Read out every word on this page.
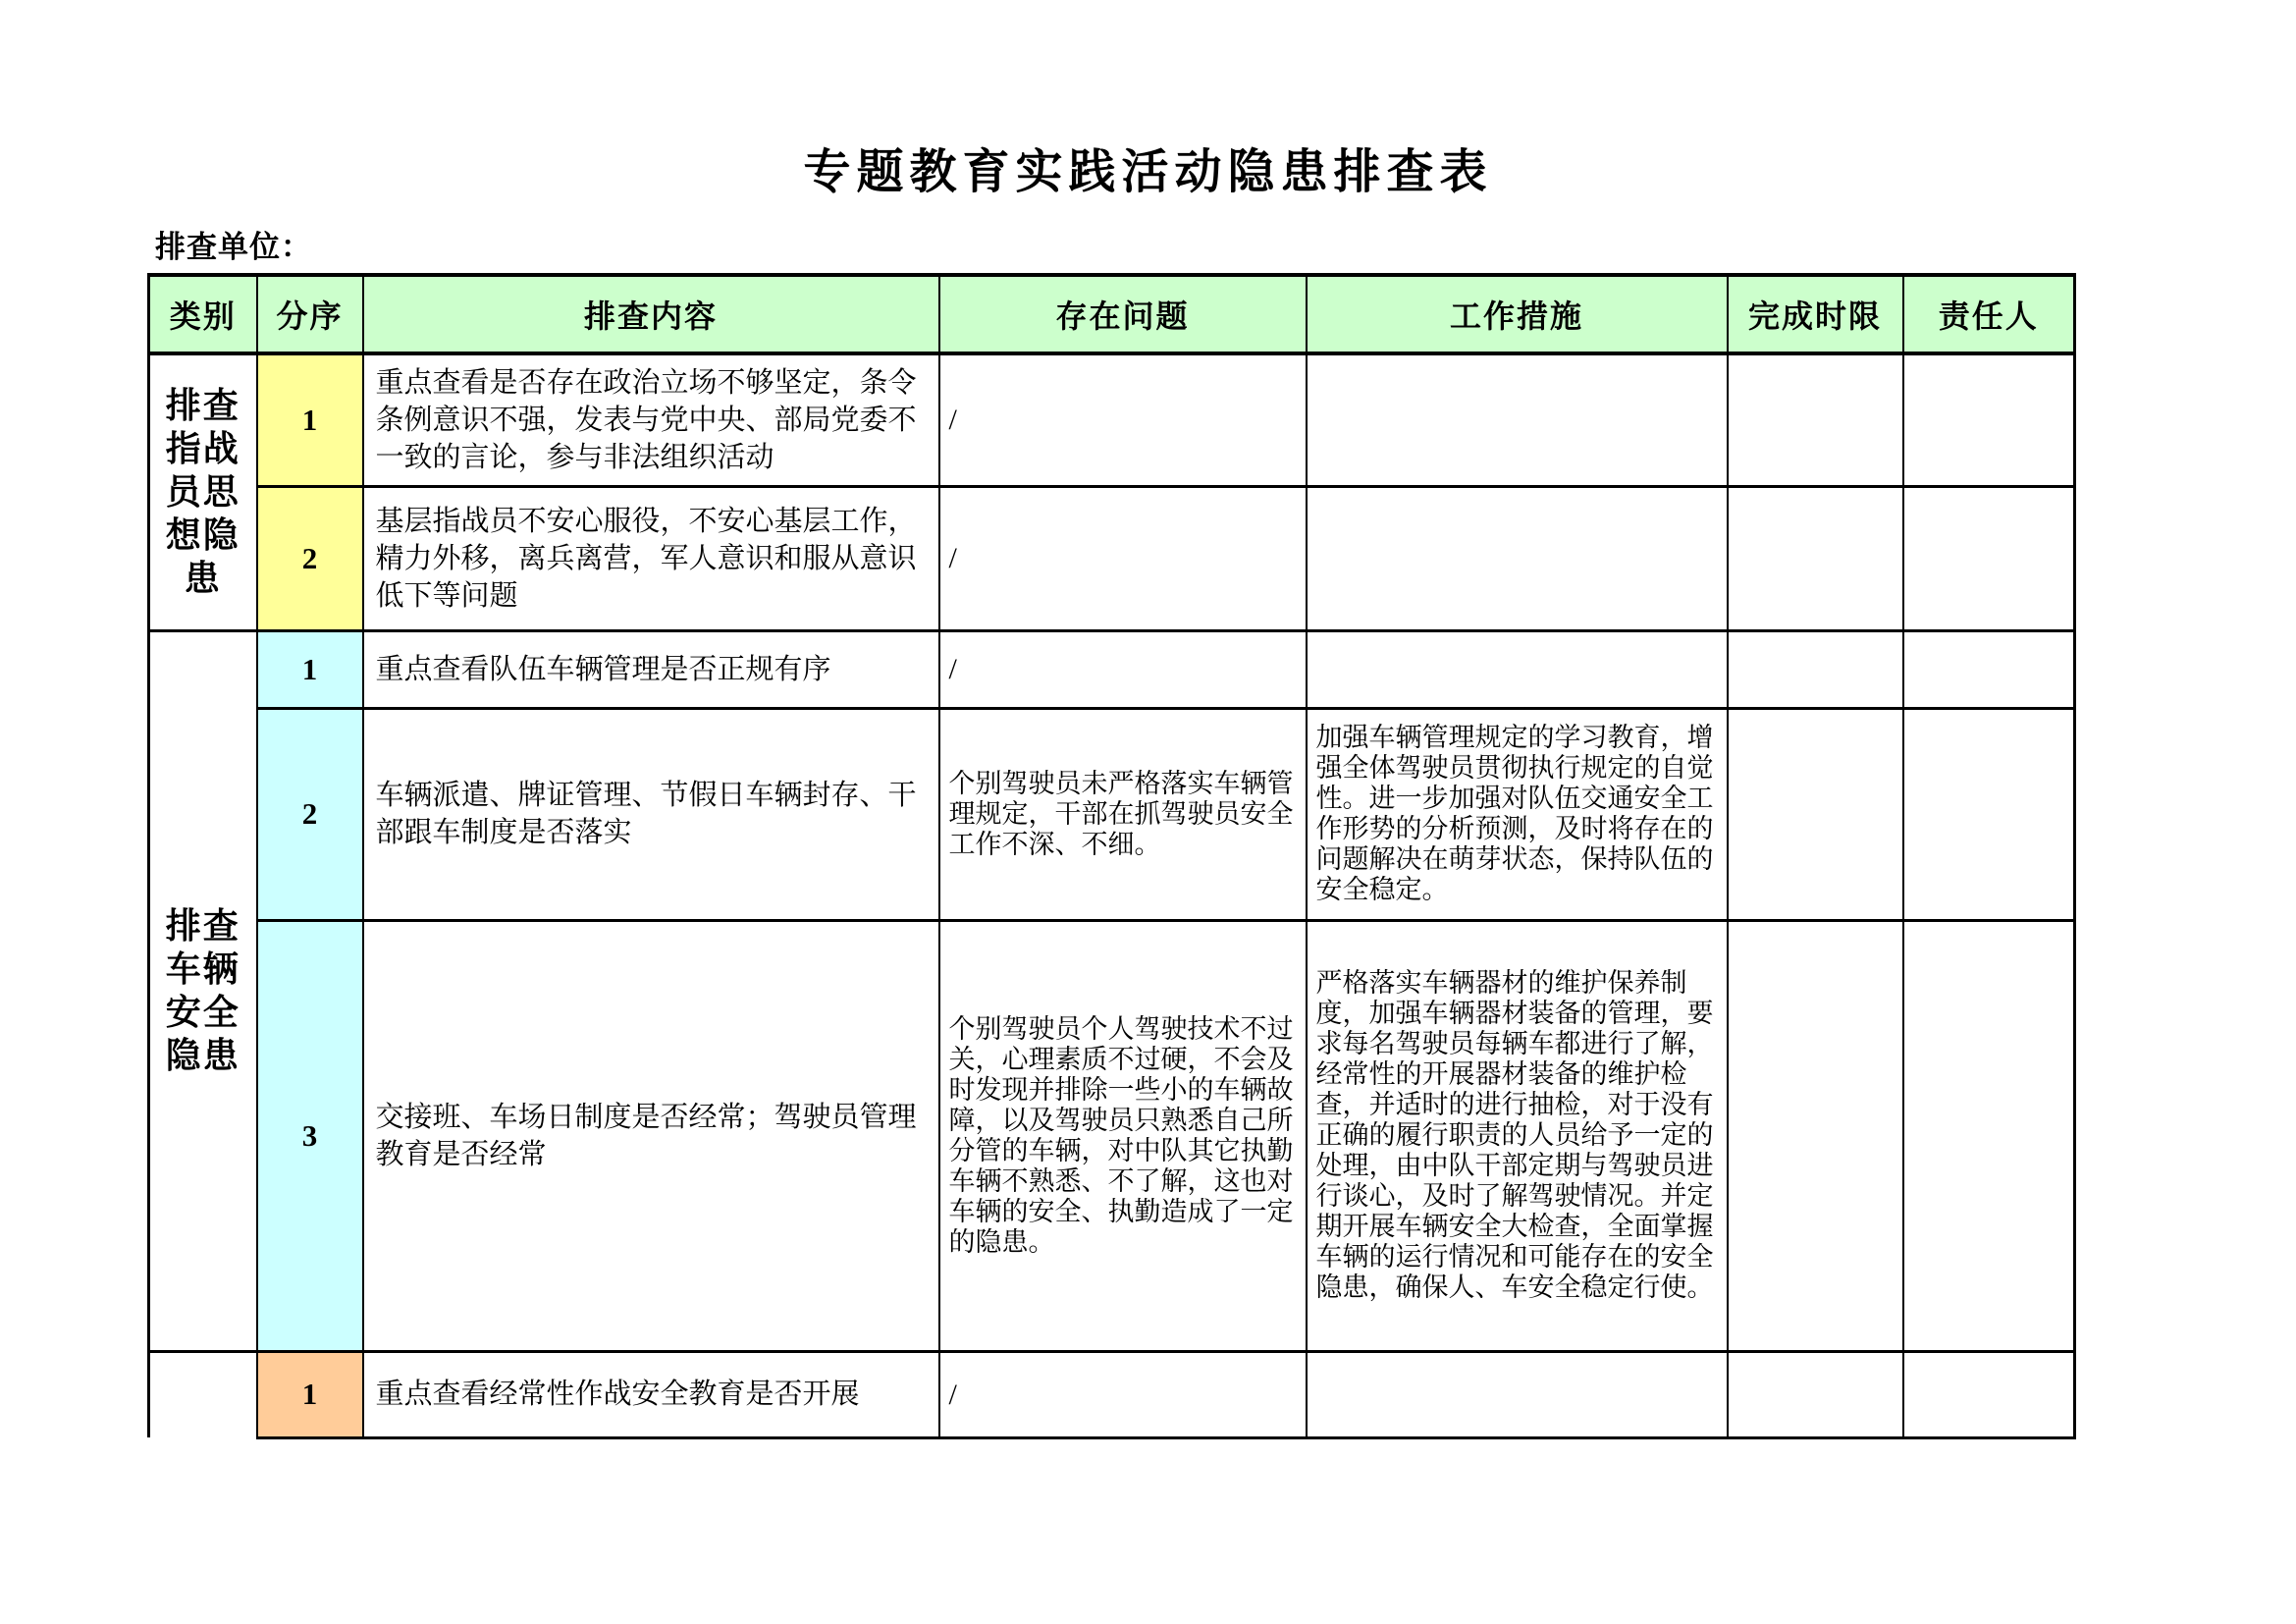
专题教育实践活动隐患排查表
排查单位：
类别	分序	排查内容	存在问题	工作措施	完成时限	责任人
排查指战员思想隐患	1	重点查看是否存在政治立场不够坚定，条令条例意识不强，发表与党中央、部局党委不一致的言论，参与非法组织活动	/			
	2	基层指战员不安心服役，不安心基层工作，精力外移，离兵离营，军人意识和服从意识低下等问题	/			
排查车辆安全隐患	1	重点查看队伍车辆管理是否正规有序	/			
	2	车辆派遣、牌证管理、节假日车辆封存、干部跟车制度是否落实	个别驾驶员未严格落实车辆管理规定，干部在抓驾驶员安全工作不深、不细。	加强车辆管理规定的学习教育，增强全体驾驶员贯彻执行规定的自觉性。进一步加强对队伍交通安全工作形势的分析预测，及时将存在的问题解决在萌芽状态，保持队伍的安全稳定。		
	3	交接班、车场日制度是否经常；驾驶员管理教育是否经常	个别驾驶员个人驾驶技术不过关，心理素质不过硬，不会及时发现并排除一些小的车辆故障，以及驾驶员只熟悉自己所分管的车辆，对中队其它执勤车辆不熟悉、不了解，这也对车辆的安全、执勤造成了一定的隐患。	严格落实车辆器材的维护保养制度，加强车辆器材装备的管理，要求每名驾驶员每辆车都进行了解，经常性的开展器材装备的维护检查，并适时的进行抽检，对于没有正确的履行职责的人员给予一定的处理，由中队干部定期与驾驶员进行谈心，及时了解驾驶情况。并定期开展车辆安全大检查，全面掌握车辆的运行情况和可能存在的安全隐患，确保人、车安全稳定行使。		
	1	重点查看经常性作战安全教育是否开展	/			
